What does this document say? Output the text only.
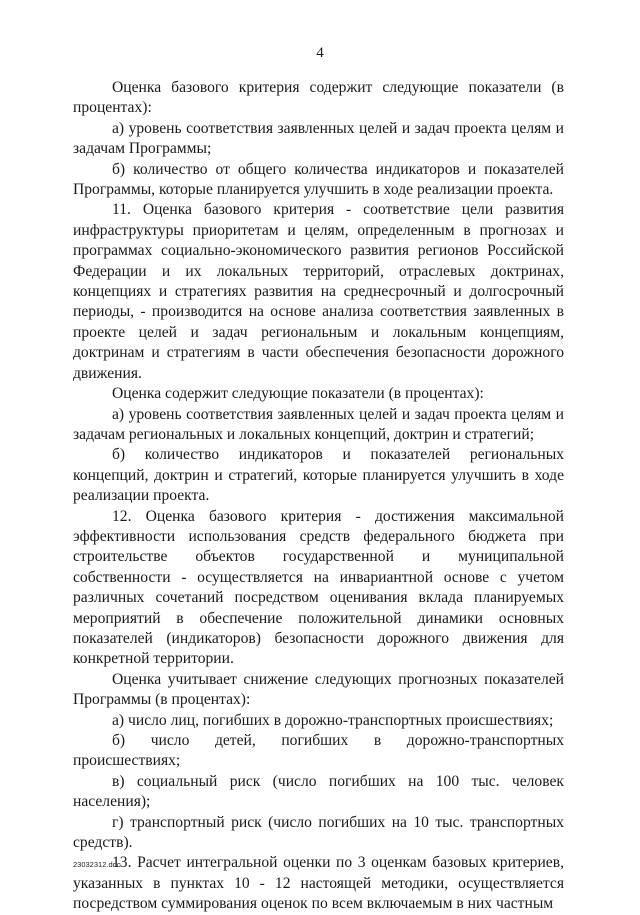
4

Оценка базового критерия содержит следующие показатели (в процентах):

а) уровень соответствия заявленных целей и задач проекта целям и задачам Программы;

б) количество от общего количества индикаторов и показателей Программы, которые планируется улучшить в ходе реализации проекта.

11. Оценка базового критерия - соответствие цели развития инфраструктуры приоритетам и целям, определенным в прогнозах и программах социально-экономического развития регионов Российской Федерации и их локальных территорий, отраслевых доктринах, концепциях и стратегиях развития на среднесрочный и долгосрочный периоды, - производится на основе анализа соответствия заявленных в проекте целей и задач региональным и локальным концепциям, доктринам и стратегиям в части обеспечения безопасности дорожного движения.

Оценка содержит следующие показатели (в процентах):

а) уровень соответствия заявленных целей и задач проекта целям и задачам региональных и локальных концепций, доктрин и стратегий;

б) количество индикаторов и показателей региональных концепций, доктрин и стратегий, которые планируется улучшить в ходе реализации проекта.

12. Оценка базового критерия - достижения максимальной эффективности использования средств федерального бюджета при строительстве объектов государственной и муниципальной собственности - осуществляется на инвариантной основе с учетом различных сочетаний посредством оценивания вклада планируемых мероприятий в обеспечение положительной динамики основных показателей (индикаторов) безопасности дорожного движения для конкретной территории.

Оценка учитывает снижение следующих прогнозных показателей Программы (в процентах):

а) число лиц, погибших в дорожно-транспортных происшествиях;

б) число детей, погибших в дорожно-транспортных происшествиях;

в) социальный риск (число погибших на 100 тыс. человек населения);

г) транспортный риск (число погибших на 10 тыс. транспортных средств).

13. Расчет интегральной оценки по 3 оценкам базовых критериев, указанных в пунктах 10 - 12 настоящей методики, осуществляется посредством суммирования оценок по всем включаемым в них частным

23032312.doc
